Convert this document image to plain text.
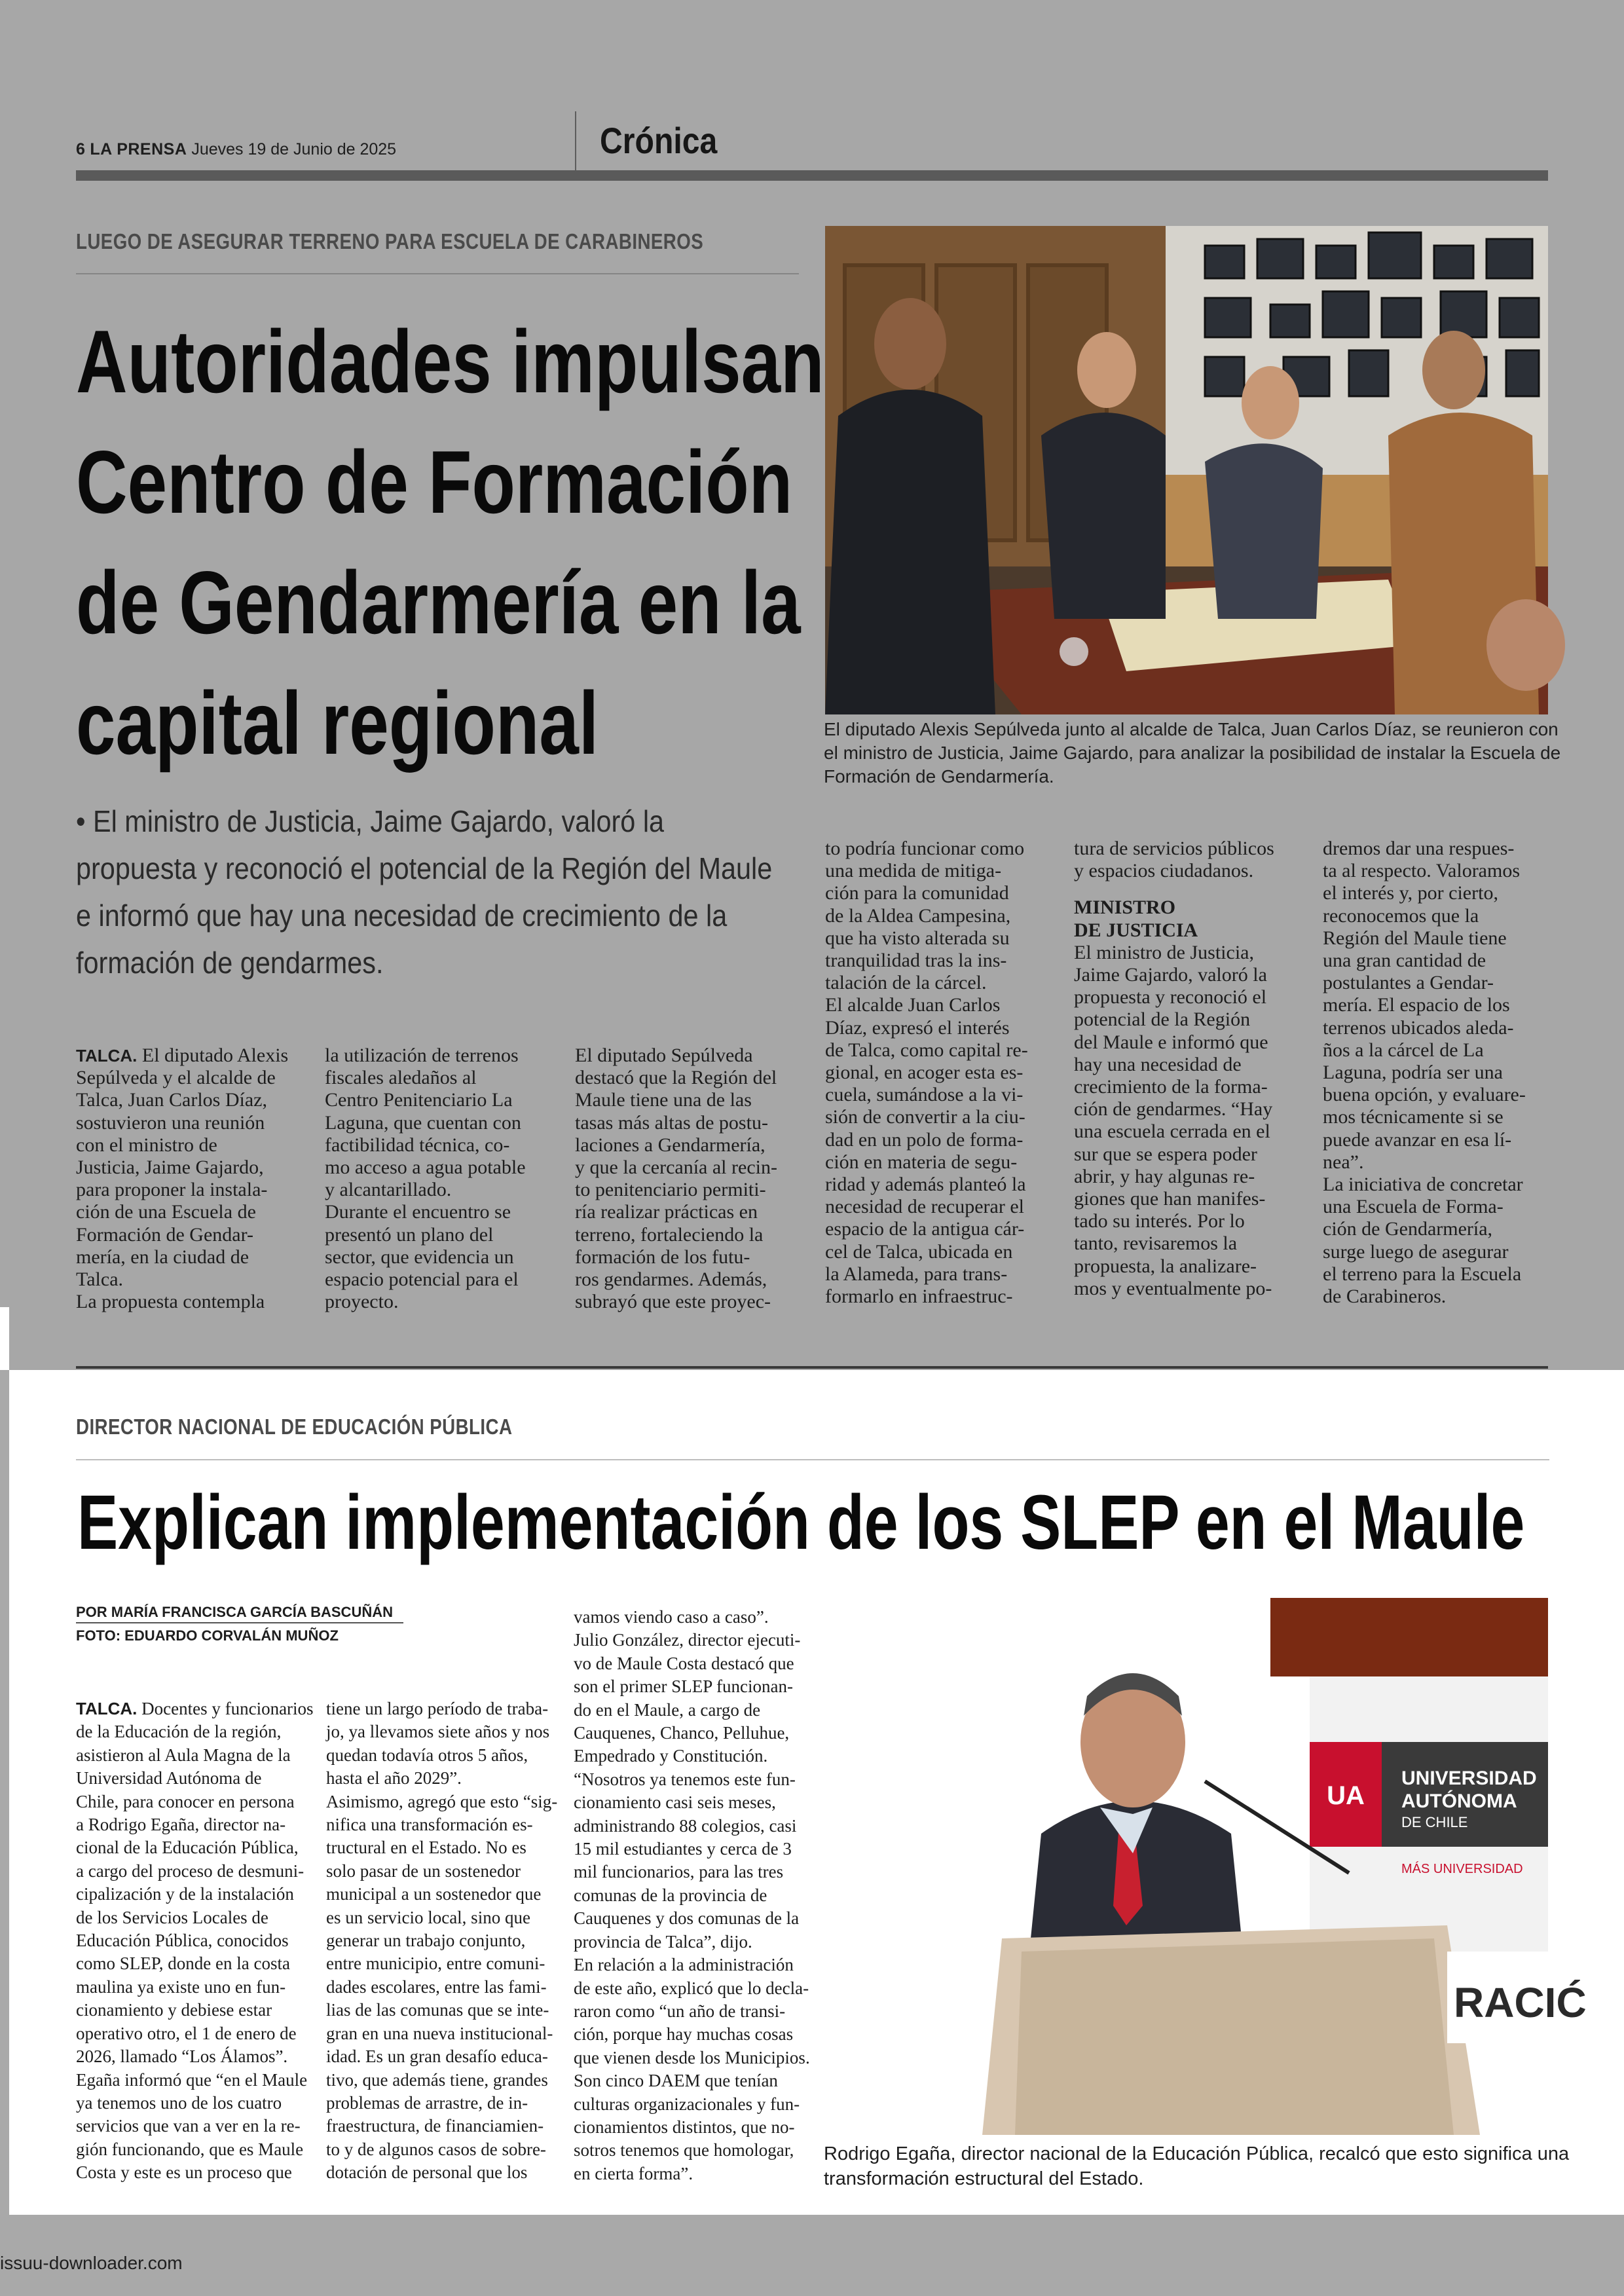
6 LA PRENSA Jueves 19 de Junio de 2025	Crónica
LUEGO DE ASEGURAR TERRENO PARA ESCUELA DE CARABINEROS
Autoridades impulsan
Centro de Formación
de Gendarmería en la
capital regional
• El ministro de Justicia, Jaime Gajardo, valoró la
propuesta y reconoció el potencial de la Región del Maule
e informó que hay una necesidad de crecimiento de la
formación de gendarmes.
El diputado Alexis Sepúlveda junto al alcalde de Talca, Juan Carlos Díaz, se reunieron con
el ministro de Justicia, Jaime Gajardo, para analizar la posibilidad de instalar la Escuela de
Formación de Gendarmería.
TALCA. El diputado Alexis
Sepúlveda y el alcalde de
Talca, Juan Carlos Díaz,
sostuvieron una reunión
con el ministro de
Justicia, Jaime Gajardo,
para proponer la instala-
ción de una Escuela de
Formación de Gendar-
mería, en la ciudad de
Talca.
La propuesta contempla
la utilización de terrenos
fiscales aledaños al
Centro Penitenciario La
Laguna, que cuentan con
factibilidad técnica, co-
mo acceso a agua potable
y alcantarillado.
Durante el encuentro se
presentó un plano del
sector, que evidencia un
espacio potencial para el
proyecto.
El diputado Sepúlveda
destacó que la Región del
Maule tiene una de las
tasas más altas de postu-
laciones a Gendarmería,
y que la cercanía al recin-
to penitenciario permiti-
ría realizar prácticas en
terreno, fortaleciendo la
formación de los futu-
ros gendarmes. Además,
subrayó que este proyec-
to podría funcionar como
una medida de mitiga-
ción para la comunidad
de la Aldea Campesina,
que ha visto alterada su
tranquilidad tras la ins-
talación de la cárcel.
El alcalde Juan Carlos
Díaz, expresó el interés
de Talca, como capital re-
gional, en acoger esta es-
cuela, sumándose a la vi-
sión de convertir a la ciu-
dad en un polo de forma-
ción en materia de segu-
ridad y además planteó la
necesidad de recuperar el
espacio de la antigua cár-
cel de Talca, ubicada en
la Alameda, para trans-
formarlo en infraestruc-
tura de servicios públicos
y espacios ciudadanos.
MINISTRO
DE JUSTICIA
El ministro de Justicia,
Jaime Gajardo, valoró la
propuesta y reconoció el
potencial de la Región
del Maule e informó que
hay una necesidad de
crecimiento de la forma-
ción de gendarmes. “Hay
una escuela cerrada en el
sur que se espera poder
abrir, y hay algunas re-
giones que han manifes-
tado su interés. Por lo
tanto, revisaremos la
propuesta, la analizare-
mos y eventualmente po-
dremos dar una respues-
ta al respecto. Valoramos
el interés y, por cierto,
reconocemos que la
Región del Maule tiene
una gran cantidad de
postulantes a Gendar-
mería. El espacio de los
terrenos ubicados aleda-
ños a la cárcel de La
Laguna, podría ser una
buena opción, y evaluare-
mos técnicamente si se
puede avanzar en esa lí-
nea”.
La iniciativa de concretar
una Escuela de Forma-
ción de Gendarmería,
surge luego de asegurar
el terreno para la Escuela
de Carabineros.
DIRECTOR NACIONAL DE EDUCACIÓN PÚBLICA
Explican implementación de los SLEP en el Maule
POR MARÍA FRANCISCA GARCÍA BASCUÑÁN
FOTO: EDUARDO CORVALÁN MUÑOZ
TALCA. Docentes y funcionarios
de la Educación de la región,
asistieron al Aula Magna de la
Universidad Autónoma de
Chile, para conocer en persona
a Rodrigo Egaña, director na-
cional de la Educación Pública,
a cargo del proceso de desmuni-
cipalización y de la instalación
de los Servicios Locales de
Educación Pública, conocidos
como SLEP, donde en la costa
maulina ya existe uno en fun-
cionamiento y debiese estar
operativo otro, el 1 de enero de
2026, llamado “Los Álamos”.
Egaña informó que “en el Maule
ya tenemos uno de los cuatro
servicios que van a ver en la re-
gión funcionando, que es Maule
Costa y este es un proceso que
tiene un largo período de traba-
jo, ya llevamos siete años y nos
quedan todavía otros 5 años,
hasta el año 2029”.
Asimismo, agregó que esto “sig-
nifica una transformación es-
tructural en el Estado. No es
solo pasar de un sostenedor
municipal a un sostenedor que
es un servicio local, sino que
generar un trabajo conjunto,
entre municipio, entre comuni-
dades escolares, entre las fami-
lias de las comunas que se inte-
gran en una nueva institucional-
idad. Es un gran desafío educa-
tivo, que además tiene, grandes
problemas de arrastre, de in-
fraestructura, de financiamien-
to y de algunos casos de sobre-
dotación de personal que los
vamos viendo caso a caso”.
Julio González, director ejecuti-
vo de Maule Costa destacó que
son el primer SLEP funcionan-
do en el Maule, a cargo de
Cauquenes, Chanco, Pelluhue,
Empedrado y Constitución.
“Nosotros ya tenemos este fun-
cionamiento casi seis meses,
administrando 88 colegios, casi
15 mil estudiantes y cerca de 3
mil funcionarios, para las tres
comunas de la provincia de
Cauquenes y dos comunas de la
provincia de Talca”, dijo.
En relación a la administración
de este año, explicó que lo decla-
raron como “un año de transi-
ción, porque hay muchas cosas
que vienen desde los Municipios.
Son cinco DAEM que tenían
culturas organizacionales y fun-
cionamientos distintos, que no-
sotros tenemos que homologar,
en cierta forma”.
UA
UNIVERSIDAD
AUTÓNOMA
DE CHILE
MÁS UNIVERSIDAD
RACIĆ
Rodrigo Egaña, director nacional de la Educación Pública, recalcó que esto significa una
transformación estructural del Estado.
issuu-downloader.com
